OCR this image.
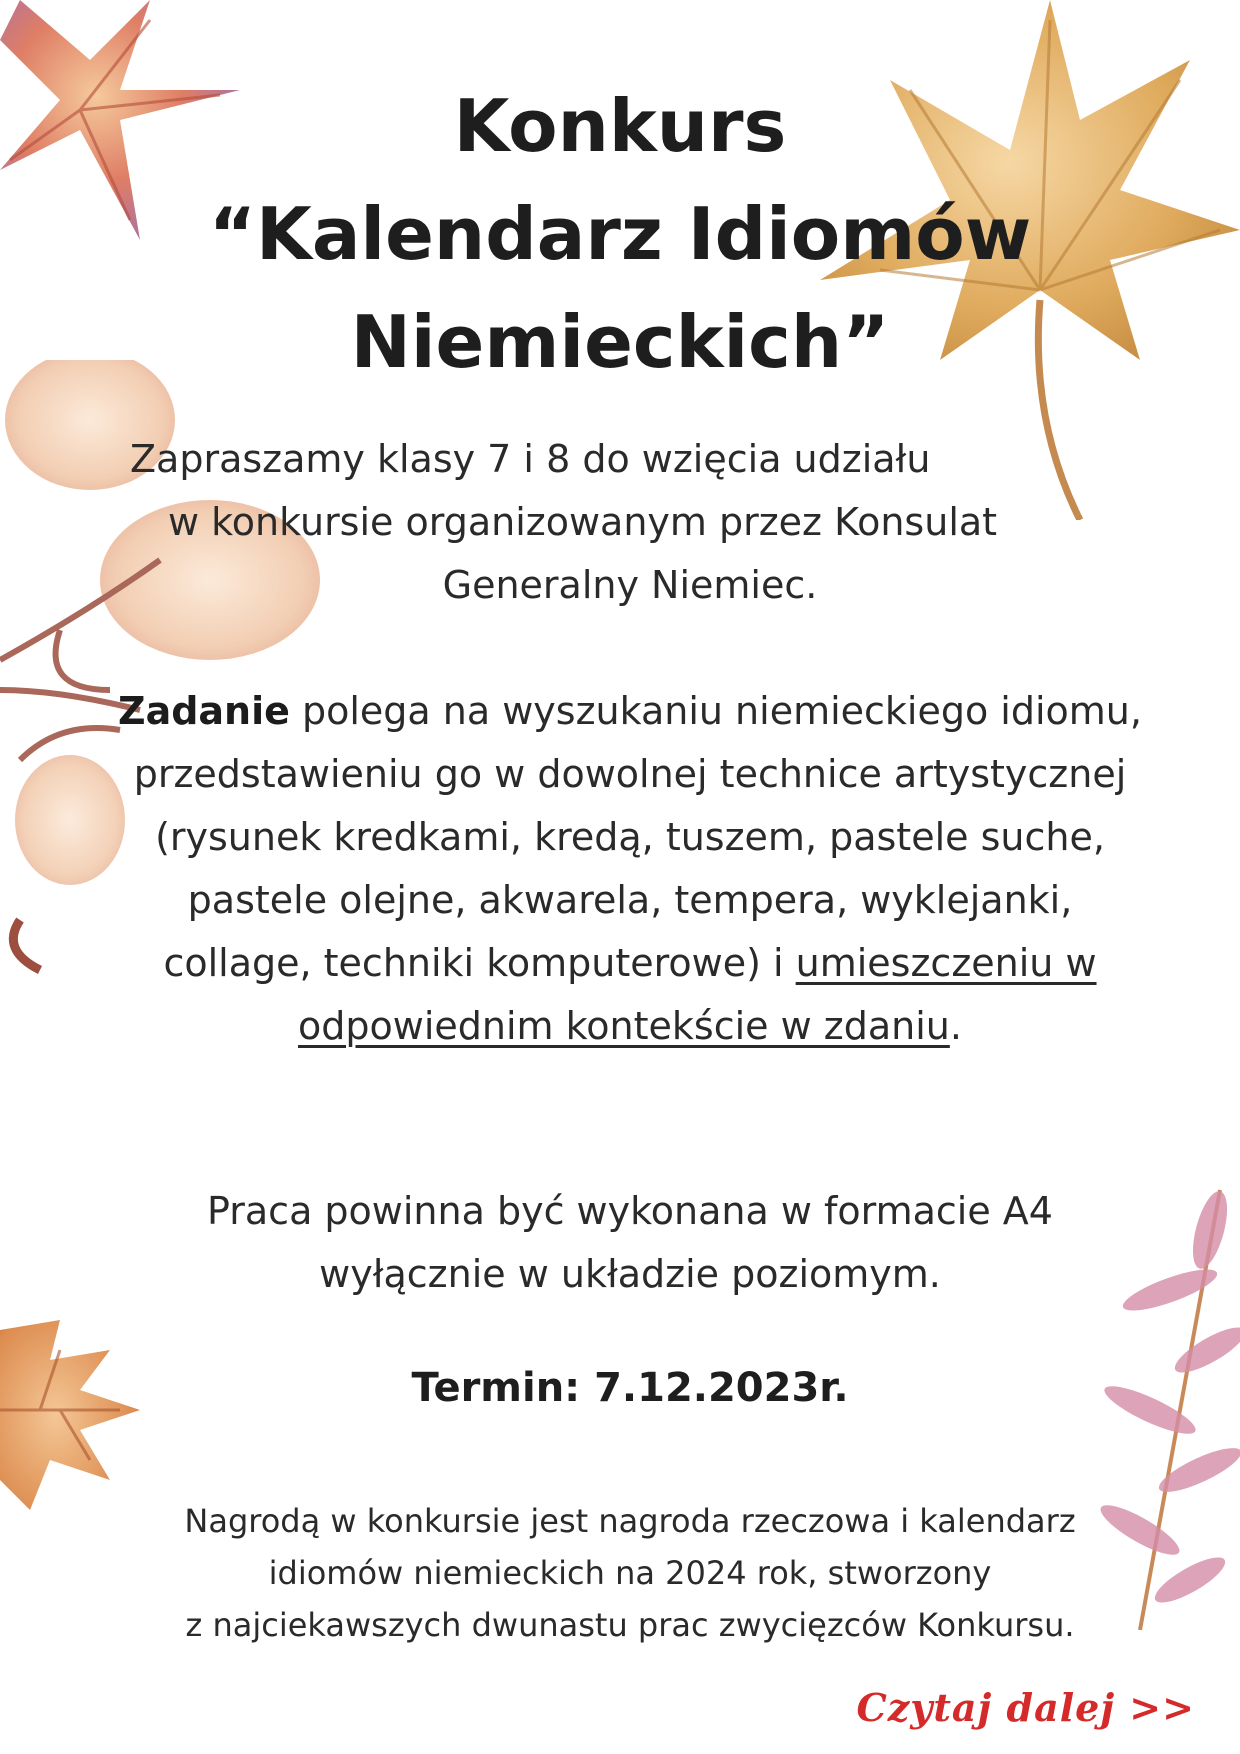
Konkurs
“Kalendarz Idiomów
Niemieckich”
Zapraszamy klasy 7 i 8 do wzięcia udziału
w konkursie organizowanym przez Konsulat
Generalny Niemiec.
Zadanie polega na wyszukaniu niemieckiego idiomu, przedstawieniu go w dowolnej technice artystycznej (rysunek kredkami, kredą, tuszem, pastele suche, pastele olejne, akwarela, tempera, wyklejanki, collage, techniki komputerowe) i umieszczeniu w odpowiednim kontekście w zdaniu.
Praca powinna być wykonana w formacie A4
wyłącznie w układzie poziomym.
Termin: 7.12.2023r.
Nagrodą w konkursie jest nagroda rzeczowa i kalendarz
idiomów niemieckich na 2024 rok, stworzony
z najciekawszych dwunastu prac zwycięzców Konkursu.
Czytaj dalej >>
